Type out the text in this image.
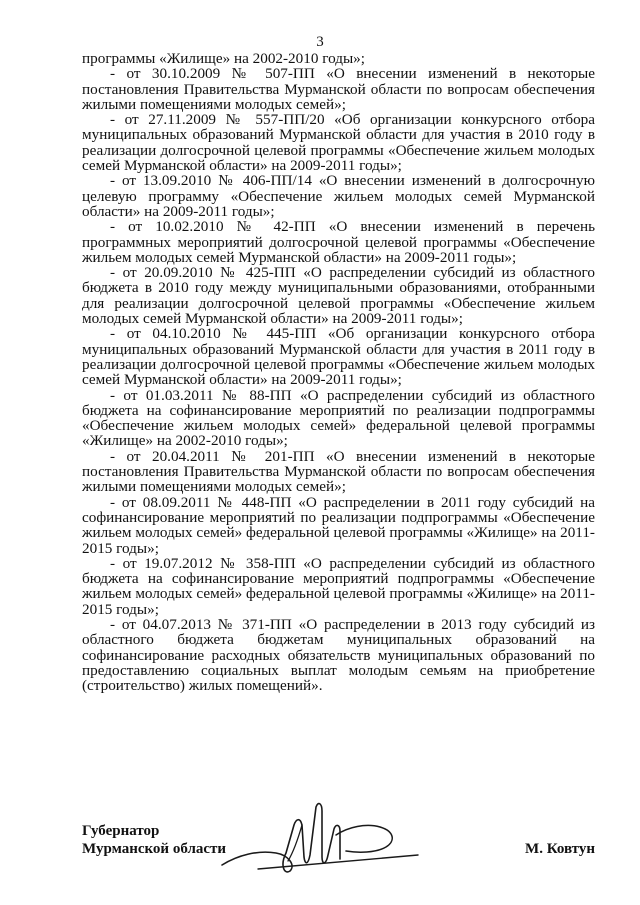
3

программы «Жилище» на 2002-2010 годы»;

- от 30.10.2009 № 507-ПП «О внесении изменений в некоторые постановления Правительства Мурманской области по вопросам обеспечения жилыми помещениями молодых семей»;

- от 27.11.2009 № 557-ПП/20 «Об организации конкурсного отбора муниципальных образований Мурманской области для участия в 2010 году в реализации долгосрочной целевой программы «Обеспечение жильем молодых семей Мурманской области» на 2009-2011 годы»;

- от 13.09.2010 № 406-ПП/14 «О внесении изменений в долгосрочную целевую программу «Обеспечение жильем молодых семей Мурманской области» на 2009-2011 годы»;

- от 10.02.2010 № 42-ПП «О внесении изменений в перечень программных мероприятий долгосрочной целевой программы «Обеспечение жильем молодых семей Мурманской области» на 2009-2011 годы»;

- от 20.09.2010 № 425-ПП «О распределении субсидий из областного бюджета в 2010 году между муниципальными образованиями, отобранными для реализации долгосрочной целевой программы «Обеспечение жильем молодых семей Мурманской области» на 2009-2011 годы»;

- от 04.10.2010 № 445-ПП «Об организации конкурсного отбора муниципальных образований Мурманской области для участия в 2011 году в реализации долгосрочной целевой программы «Обеспечение жильем молодых семей Мурманской области» на 2009-2011 годы»;

- от 01.03.2011 № 88-ПП «О распределении субсидий из областного бюджета на софинансирование мероприятий по реализации подпрограммы «Обеспечение жильем молодых семей» федеральной целевой программы «Жилище» на 2002-2010 годы»;

- от 20.04.2011 № 201-ПП «О внесении изменений в некоторые постановления Правительства Мурманской области по вопросам обеспечения жилыми помещениями молодых семей»;

- от 08.09.2011 № 448-ПП «О распределении в 2011 году субсидий на софинансирование мероприятий по реализации подпрограммы «Обеспечение жильем молодых семей» федеральной целевой программы «Жилище» на 2011-2015 годы»;

- от 19.07.2012 № 358-ПП «О распределении субсидий из областного бюджета на софинансирование мероприятий подпрограммы «Обеспечение жильем молодых семей» федеральной целевой программы «Жилище» на 2011-2015 годы»;

- от 04.07.2013 № 371-ПП «О распределении в 2013 году субсидий из областного бюджета бюджетам муниципальных образований на софинансирование расходных обязательств муниципальных образований по предоставлению социальных выплат молодым семьям на приобретение (строительство) жилых помещений».

Губернатор
Мурманской области	М. Ковтун
